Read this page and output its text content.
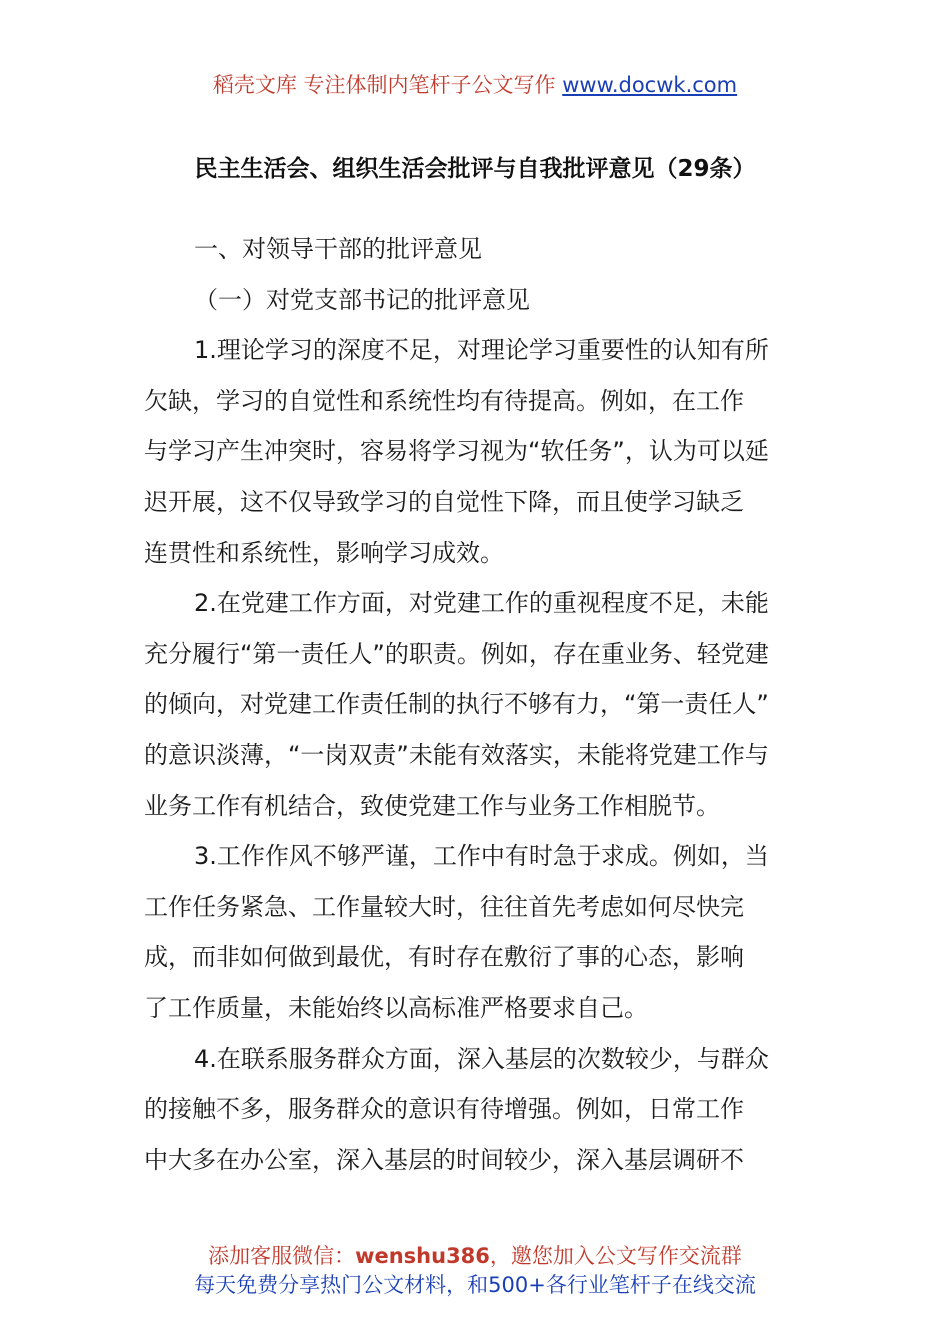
稻壳文库 专注体制内笔杆子公文写作 www.docwk.com
民主生活会、组织生活会批评与自我批评意见（29条）
一、对领导干部的批评意见
（一）对党支部书记的批评意见
1.理论学习的深度不足，对理论学习重要性的认知有所
欠缺，学习的自觉性和系统性均有待提高。例如，在工作
与学习产生冲突时，容易将学习视为“软任务”，认为可以延
迟开展，这不仅导致学习的自觉性下降，而且使学习缺乏
连贯性和系统性，影响学习成效。
2.在党建工作方面，对党建工作的重视程度不足，未能
充分履行“第一责任人”的职责。例如，存在重业务、轻党建
的倾向，对党建工作责任制的执行不够有力，“第一责任人”
的意识淡薄，“一岗双责”未能有效落实，未能将党建工作与
业务工作有机结合，致使党建工作与业务工作相脱节。
3.工作作风不够严谨，工作中有时急于求成。例如，当
工作任务紧急、工作量较大时，往往首先考虑如何尽快完
成，而非如何做到最优，有时存在敷衍了事的心态，影响
了工作质量，未能始终以高标准严格要求自己。
4.在联系服务群众方面，深入基层的次数较少，与群众
的接触不多，服务群众的意识有待增强。例如，日常工作
中大多在办公室，深入基层的时间较少，深入基层调研不
添加客服微信：wenshu386，邀您加入公文写作交流群
每天免费分享热门公文材料，和500+各行业笔杆子在线交流
